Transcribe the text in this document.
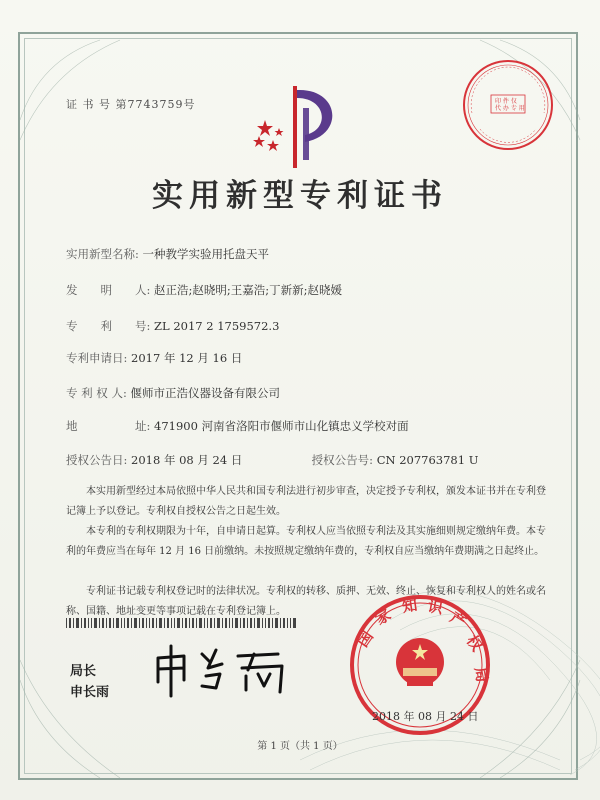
证 书 号 第7743759号	印 件 仅
代 办 专 用
实用新型专利证书
实用新型名称: 一种教学实验用托盘天平
发　　明　　人: 赵正浩;赵晓明;王嘉浩;丁新新;赵晓媛
专　　利　　号: ZL 2017 2 1759572.3
专利申请日: 2017 年 12 月 16 日
专 利 权 人: 偃师市正浩仪器设备有限公司
地　　　　　址: 471900 河南省洛阳市偃师市山化镇忠义学校对面
授权公告日: 2018 年 08 月 24 日	授权公告号: CN 207763781 U
本实用新型经过本局依照中华人民共和国专利法进行初步审查，决定授予专利权，颁发本证书并在专利登记簿上予以登记。专利权自授权公告之日起生效。
本专利的专利权期限为十年，自申请日起算。专利权人应当依照专利法及其实施细则规定缴纳年费。本专利的年费应当在每年 12 月 16 日前缴纳。未按照规定缴纳年费的，专利权自应当缴纳年费期满之日起终止。
专利证书记载专利权登记时的法律状况。专利权的转移、质押、无效、终止、恢复和专利权人的姓名或名称、国籍、地址变更等事项记载在专利登记簿上。
局长
申长雨
国
家 知 识
产
权
局
2018 年 08 月 24 日
第 1 页（共 1 页）
